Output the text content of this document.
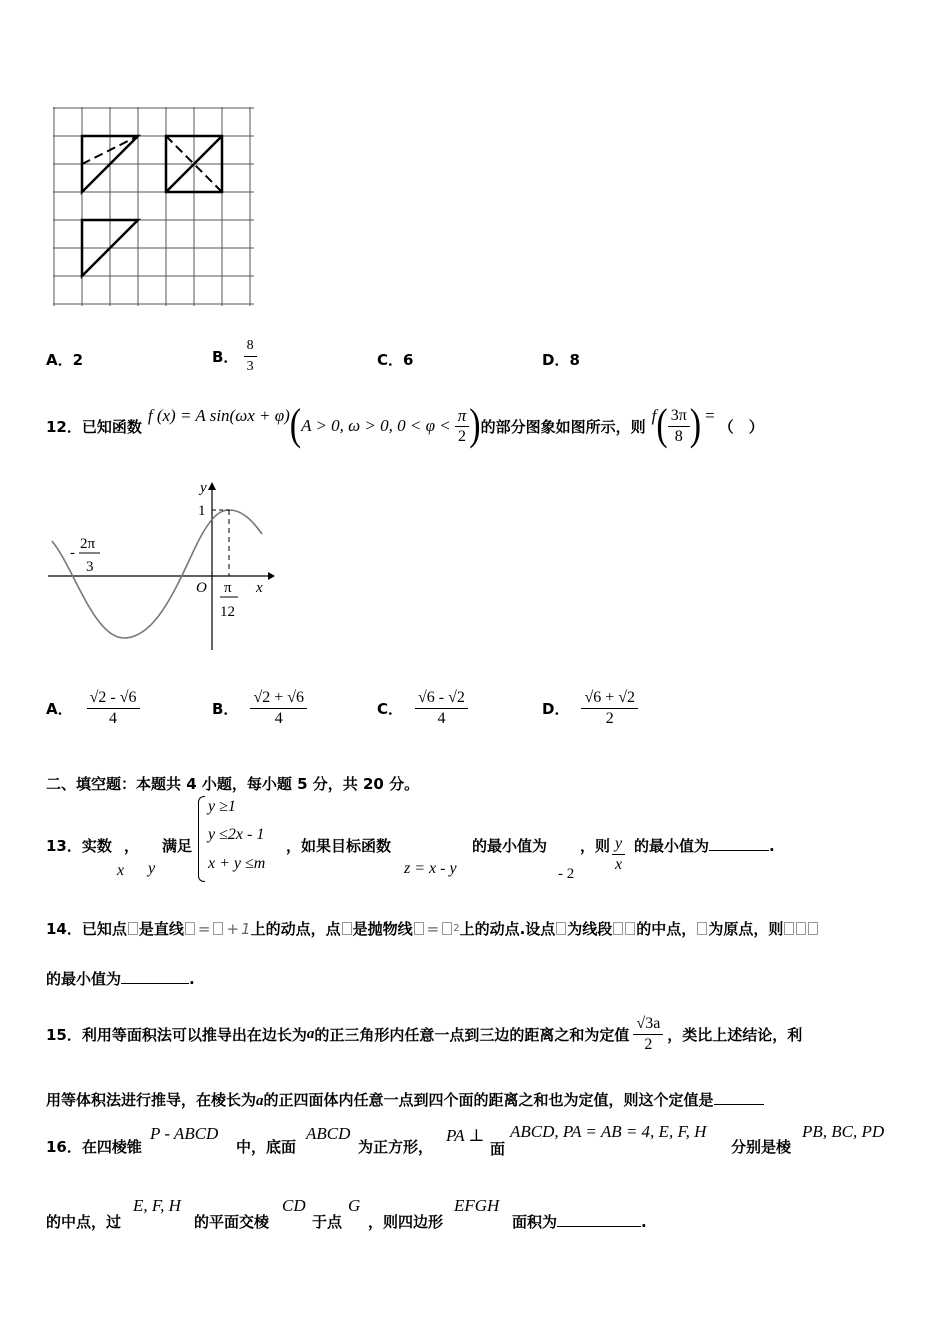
A．2	B． $\frac{8}{3}$	C．6	D．8
12．已知函数
f (x) = A sin(ωx + φ) ( A > 0, ω > 0, $0 < \varphi < \frac{\pi}{2}$ ) 的部分图象如图所示，则
f ( $\frac{3\pi}{8}$ ) =
（　）
y
x
O
1
-
2π
3
π
12
A． $\frac{√2 - √6}{4}$	B． $\frac{√2 + √6}{4}$	C． $\frac{√6 - √2}{4}$	D． $\frac{√6 + √2}{2}$
二、填空题：本题共 4 小题，每小题 5 分，共 20 分。
13．实数 ， 满足
x y
y ≥1
y ≤2x - 1
x + y ≤m
，如果目标函数
z = x - y
的最小值为
- 2
，则 $\frac{y}{x}$ 的最小值为	.
14．已知点 是直线 = + 1 上的动点，点 是抛物线 = 2 上的动点.设点 为线段 的中点， 为原点，则
的最小值为	.
15．利用等面积法可以推导出在边长为 a 的正三角形内任意一点到三边的距离之和为定值 $\frac{√3a}{2}$ ，类比上述结论，利
用等体积法进行推导，在棱长为a的正四面体内任意一点到四个面的距离之和也为定值，则这个定值是
16．在四棱锥
P - ABCD
中，底面
ABCD
为正方形，
PA ⊥
面
ABCD, PA = AB = 4, E, F, H
分别是棱
PB, BC, PD
的中点，过
E, F, H
的平面交棱
CD
于点
G
，则四边形
EFGH
面积为	.
